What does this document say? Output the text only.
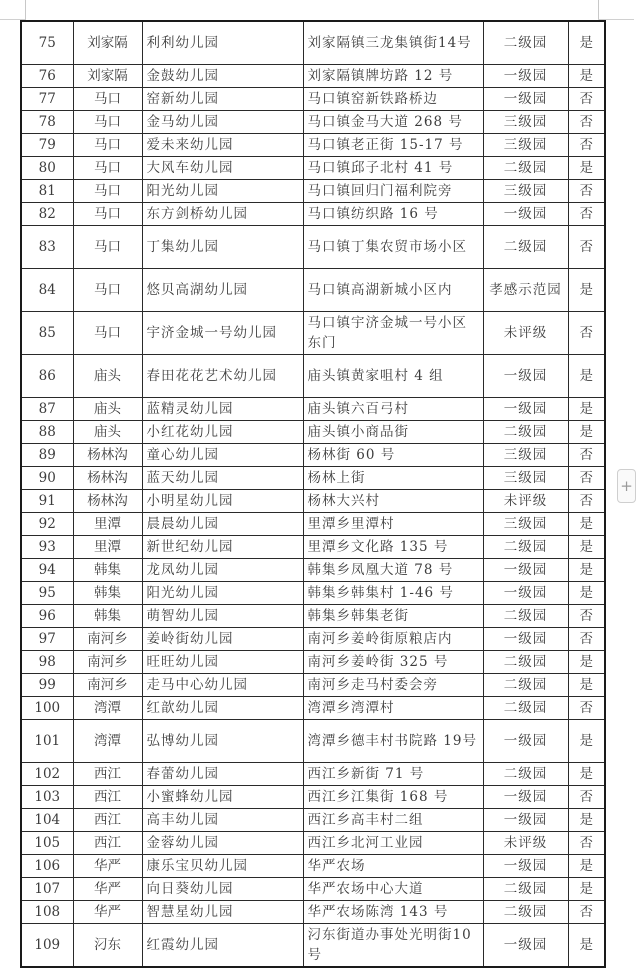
75	刘家隔	利利幼儿园	刘家隔镇三龙集镇街14号	二级园	是
76	刘家隔	金鼓幼儿园	刘家隔镇牌坊路 12 号	一级园	是
77	马口	窑新幼儿园	马口镇窑新铁路桥边	一级园	否
78	马口	金马幼儿园	马口镇金马大道 268 号	三级园	否
79	马口	爱未来幼儿园	马口镇老正街 15-17 号	三级园	否
80	马口	大风车幼儿园	马口镇邱子北村 41 号	二级园	是
81	马口	阳光幼儿园	马口镇回归门福利院旁	三级园	否
82	马口	东方剑桥幼儿园	马口镇纺织路 16 号	一级园	否
83	马口	丁集幼儿园	马口镇丁集农贸市场小区	二级园	否
84	马口	悠贝高湖幼儿园	马口镇高湖新城小区内	孝感示范园	是
85	马口	宇济金城一号幼儿园	马口镇宇济金城一号小区东门	未评级	否
86	庙头	春田花花艺术幼儿园	庙头镇黄家咀村 4 组	一级园	是
87	庙头	蓝精灵幼儿园	庙头镇六百弓村	一级园	是
88	庙头	小红花幼儿园	庙头镇小商品街	二级园	是
89	杨林沟	童心幼儿园	杨林街 60 号	三级园	否
90	杨林沟	蓝天幼儿园	杨林上街	三级园	否
91	杨林沟	小明星幼儿园	杨林大兴村	未评级	否
92	里潭	晨晨幼儿园	里潭乡里潭村	三级园	是
93	里潭	新世纪幼儿园	里潭乡文化路 135 号	二级园	是
94	韩集	龙凤幼儿园	韩集乡凤凰大道 78 号	一级园	是
95	韩集	阳光幼儿园	韩集乡韩集村 1-46 号	一级园	是
96	韩集	萌智幼儿园	韩集乡韩集老街	二级园	否
97	南河乡	姜岭街幼儿园	南河乡姜岭街原粮店内	一级园	否
98	南河乡	旺旺幼儿园	南河乡姜岭街 325 号	二级园	是
99	南河乡	走马中心幼儿园	南河乡走马村委会旁	二级园	是
100	湾潭	红歆幼儿园	湾潭乡湾潭村	二级园	否
101	湾潭	弘博幼儿园	湾潭乡德丰村书院路 19号	一级园	是
102	西江	春蕾幼儿园	西江乡新街 71 号	二级园	是
103	西江	小蜜蜂幼儿园	西江乡江集街 168 号	一级园	否
104	西江	高丰幼儿园	西江乡高丰村二组	一级园	是
105	西江	金蓉幼儿园	西江乡北河工业园	未评级	否
106	华严	康乐宝贝幼儿园	华严农场	一级园	是
107	华严	向日葵幼儿园	华严农场中心大道	二级园	是
108	华严	智慧星幼儿园	华严农场陈湾 143 号	二级园	否
109	汈东	红霞幼儿园	汈东街道办事处光明街10 号	一级园	是
+
